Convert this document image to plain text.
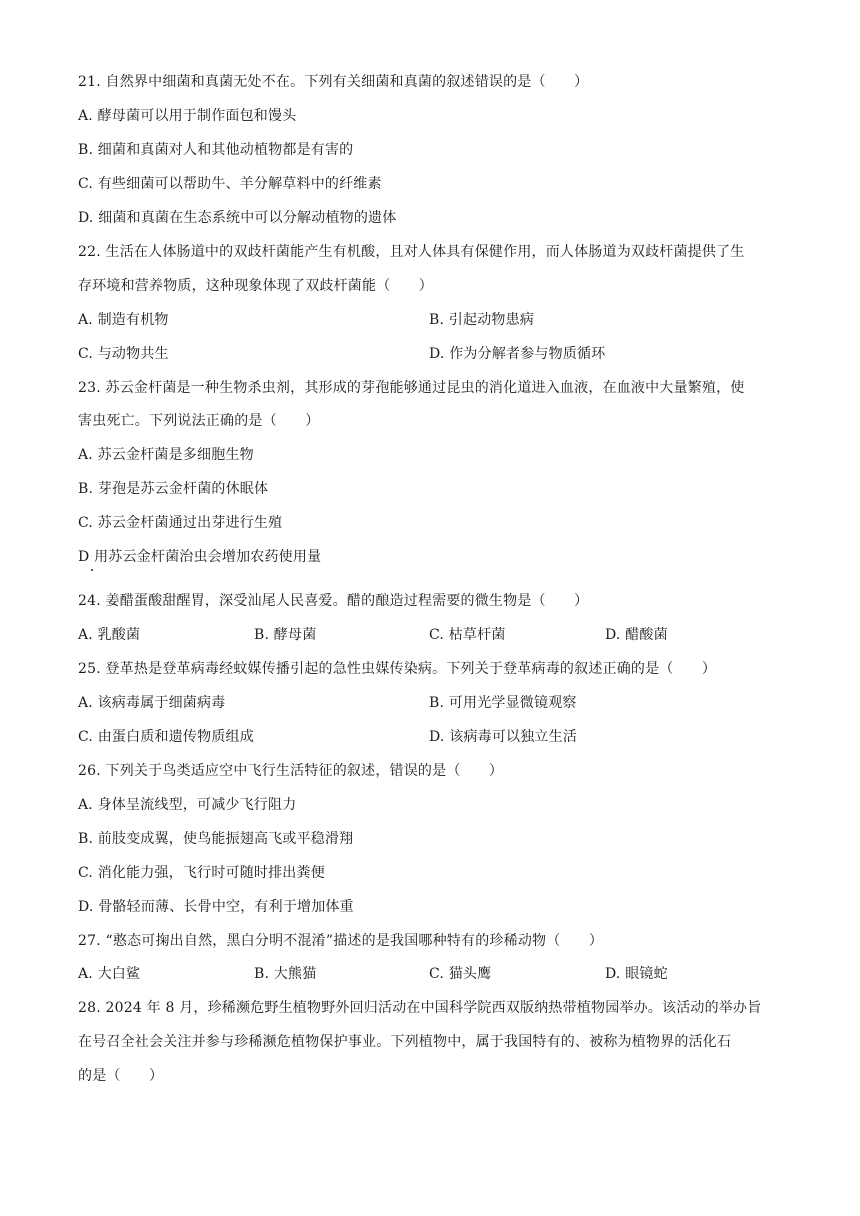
21. 自然界中细菌和真菌无处不在。下列有关细菌和真菌的叙述错误的是（　　）
A. 酵母菌可以用于制作面包和馒头
B. 细菌和真菌对人和其他动植物都是有害的
C. 有些细菌可以帮助牛、羊分解草料中的纤维素
D. 细菌和真菌在生态系统中可以分解动植物的遗体
22. 生活在人体肠道中的双歧杆菌能产生有机酸，且对人体具有保健作用，而人体肠道为双歧杆菌提供了生
存环境和营养物质，这种现象体现了双歧杆菌能（　　）
A. 制造有机物	B. 引起动物患病
C. 与动物共生	D. 作为分解者参与物质循环
23. 苏云金杆菌是一种生物杀虫剂，其形成的芽孢能够通过昆虫的消化道进入血液，在血液中大量繁殖，使
害虫死亡。下列说法正确的是（　　）
A. 苏云金杆菌是多细胞生物
B. 芽孢是苏云金杆菌的休眠体
C. 苏云金杆菌通过出芽进行生殖
D 用苏云金杆菌治虫会增加农药使用量
24. 姜醋蛋酸甜醒胃，深受汕尾人民喜爱。醋的酿造过程需要的微生物是（　　）
A. 乳酸菌	B. 酵母菌	C. 枯草杆菌	D. 醋酸菌
25. 登革热是登革病毒经蚊媒传播引起的急性虫媒传染病。下列关于登革病毒的叙述正确的是（　　）
A. 该病毒属于细菌病毒	B. 可用光学显微镜观察
C. 由蛋白质和遗传物质组成	D. 该病毒可以独立生活
26. 下列关于鸟类适应空中飞行生活特征的叙述，错误的是（　　）
A. 身体呈流线型，可减少飞行阻力
B. 前肢变成翼，使鸟能振翅高飞或平稳滑翔
C. 消化能力强，飞行时可随时排出粪便
D. 骨骼轻而薄、长骨中空，有利于增加体重
27. “憨态可掬出自然，黑白分明不混淆”描述的是我国哪种特有的珍稀动物（　　）
A. 大白鲨	B. 大熊猫	C. 猫头鹰	D. 眼镜蛇
28. 2024 年 8 月，珍稀濒危野生植物野外回归活动在中国科学院西双版纳热带植物园举办。该活动的举办旨
在号召全社会关注并参与珍稀濒危植物保护事业。下列植物中，属于我国特有的、被称为植物界的活化石
的是（　　）
